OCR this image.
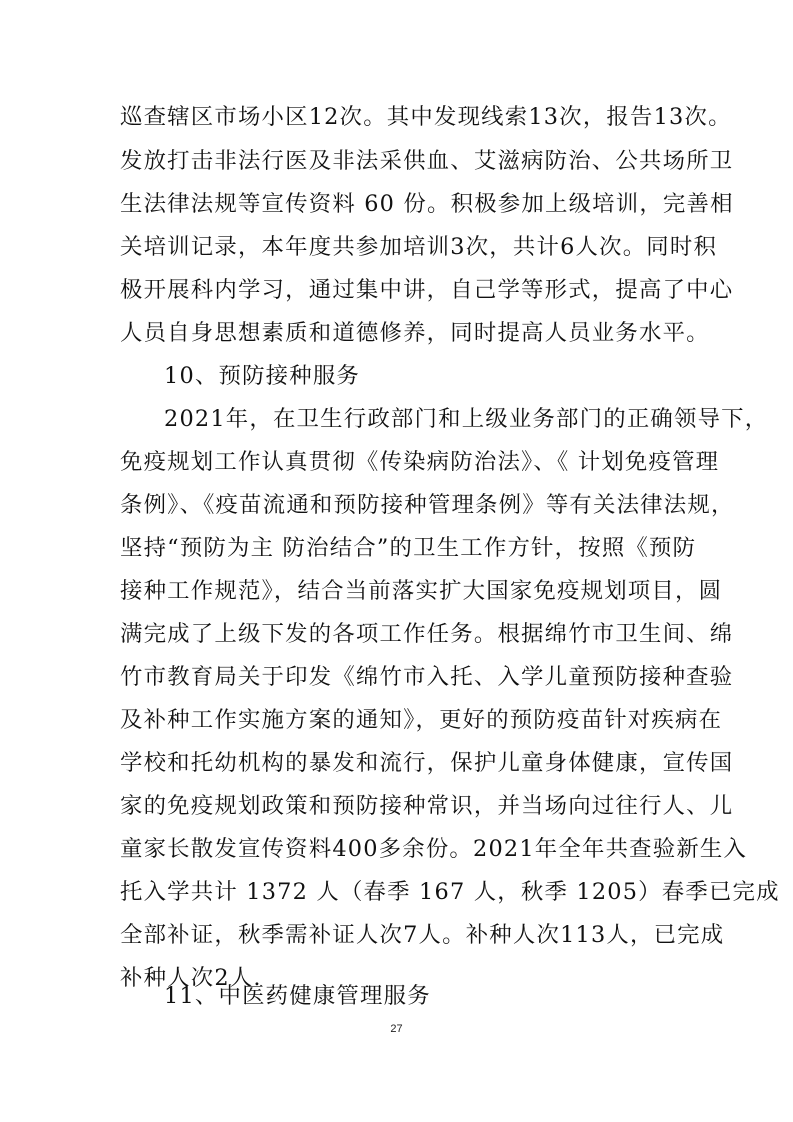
巡查辖区市场小区12次。其中发现线索13次，报告13次。
发放打击非法行医及非法采供血、艾滋病防治、公共场所卫
生法律法规等宣传资料 60 份。积极参加上级培训，完善相
关培训记录，本年度共参加培训3次，共计6人次。同时积
极开展科内学习，通过集中讲，自己学等形式，提高了中心
人员自身思想素质和道德修养，同时提高人员业务水平。
10、预防接种服务
2021年，在卫生行政部门和上级业务部门的正确领导下，
免疫规划工作认真贯彻《传染病防治法》、《 计划免疫管理
条例》、《疫苗流通和预防接种管理条例》等有关法律法规，
坚持“预防为主 防治结合”的卫生工作方针，按照《预防
接种工作规范》，结合当前落实扩大国家免疫规划项目，圆
满完成了上级下发的各项工作任务。根据绵竹市卫生间、绵
竹市教育局关于印发《绵竹市入托、入学儿童预防接种查验
及补种工作实施方案的通知》，更好的预防疫苗针对疾病在
学校和托幼机构的暴发和流行，保护儿童身体健康，宣传国
家的免疫规划政策和预防接种常识，并当场向过往行人、儿
童家长散发宣传资料400多余份。2021年全年共查验新生入
托入学共计 1372 人（春季 167 人，秋季 1205）春季已完成
全部补证，秋季需补证人次7人。补种人次113人，已完成
补种人次2人.
11、中医药健康管理服务
27
